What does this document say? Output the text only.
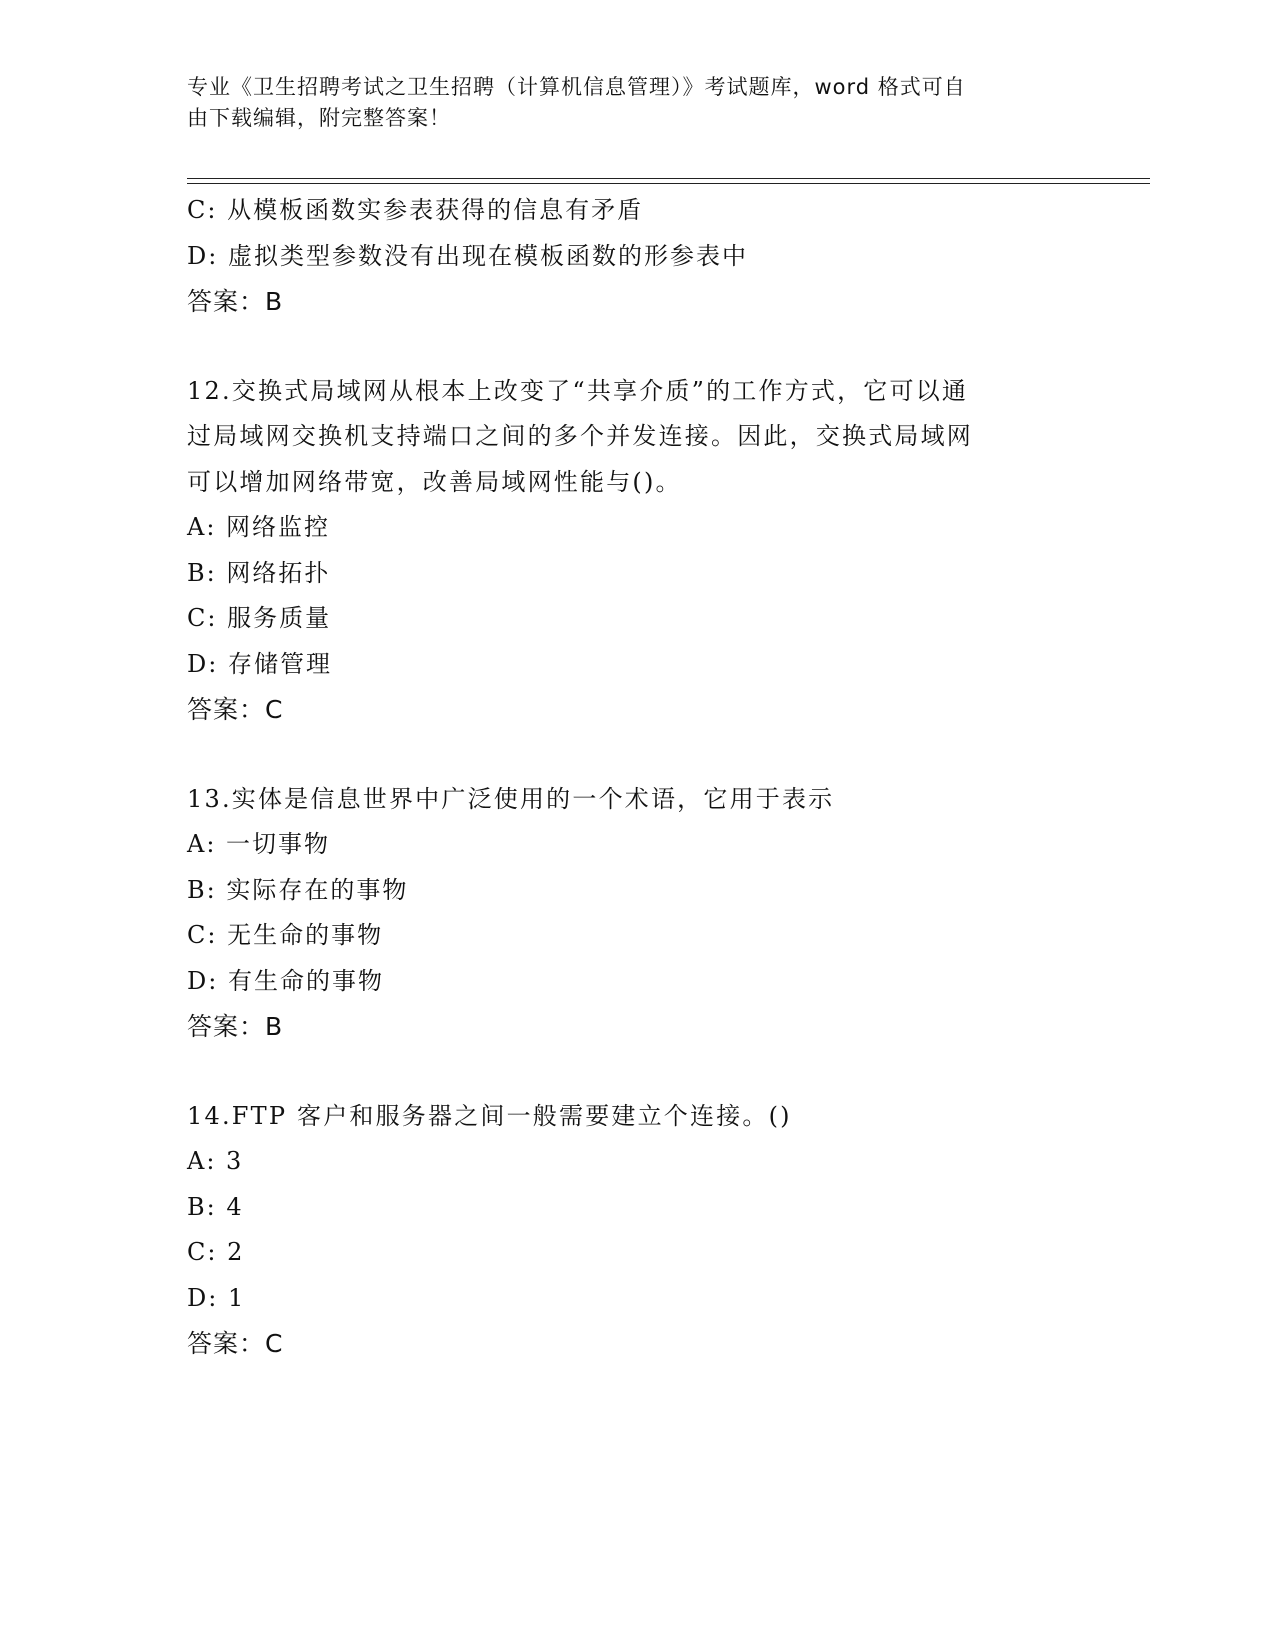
专业《卫生招聘考试之卫生招聘（计算机信息管理）》考试题库，word 格式可自
由下载编辑，附完整答案！
C: 从模板函数实参表获得的信息有矛盾
D: 虚拟类型参数没有出现在模板函数的形参表中
答案：B
12.交换式局域网从根本上改变了“共享介质”的工作方式，它可以通
过局域网交换机支持端口之间的多个并发连接。因此，交换式局域网
可以增加网络带宽，改善局域网性能与()。
A: 网络监控
B: 网络拓扑
C: 服务质量
D: 存储管理
答案：C
13.实体是信息世界中广泛使用的一个术语，它用于表示
A: 一切事物
B: 实际存在的事物
C: 无生命的事物
D: 有生命的事物
答案：B
14.FTP 客户和服务器之间一般需要建立个连接。()
A: 3
B: 4
C: 2
D: 1
答案：C
